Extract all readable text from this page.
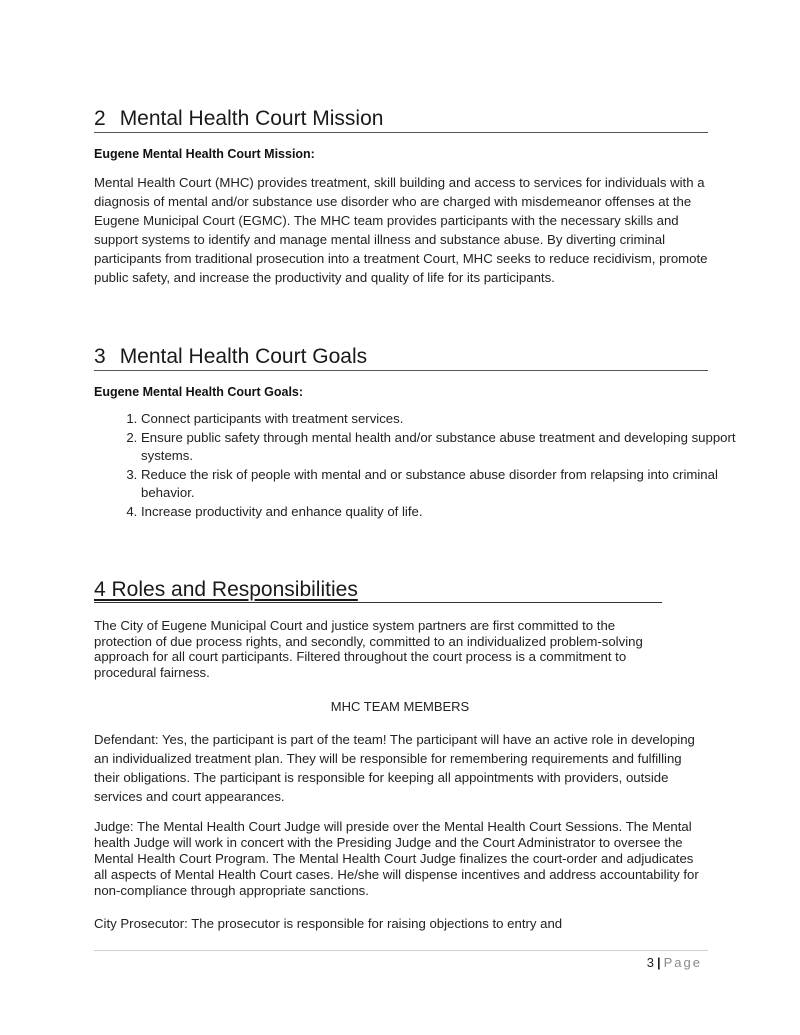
2 Mental Health Court Mission
Eugene Mental Health Court Mission:
Mental Health Court (MHC) provides treatment, skill building and access to services for individuals with a diagnosis of mental and/or substance use disorder who are charged with misdemeanor offenses at the Eugene Municipal Court (EGMC). The MHC team provides participants with the necessary skills and support systems to identify and manage mental illness and substance abuse. By diverting criminal participants from traditional prosecution into a treatment Court, MHC seeks to reduce recidivism, promote public safety, and increase the productivity and quality of life for its participants.
3 Mental Health Court Goals
Eugene Mental Health Court Goals:
1. Connect participants with treatment services.
2. Ensure public safety through mental health and/or substance abuse treatment and developing support systems.
3. Reduce the risk of people with mental and or substance abuse disorder from relapsing into criminal behavior.
4. Increase productivity and enhance quality of life.
4 Roles and Responsibilities
The City of Eugene Municipal Court and justice system partners are first committed to the protection of due process rights, and secondly, committed to an individualized problem-solving approach for all court participants. Filtered throughout the court process is a commitment to procedural fairness.
MHC TEAM MEMBERS
Defendant: Yes, the participant is part of the team! The participant will have an active role in developing an individualized treatment plan. They will be responsible for remembering requirements and fulfilling their obligations. The participant is responsible for keeping all appointments with providers, outside services and court appearances.
Judge: The Mental Health Court Judge will preside over the Mental Health Court Sessions. The Mental health Judge will work in concert with the Presiding Judge and the Court Administrator to oversee the Mental Health Court Program. The Mental Health Court Judge finalizes the court-order and adjudicates all aspects of Mental Health Court cases. He/she will dispense incentives and address accountability for non-compliance through appropriate sanctions.
City Prosecutor: The prosecutor is responsible for raising objections to entry and
3 | Page
